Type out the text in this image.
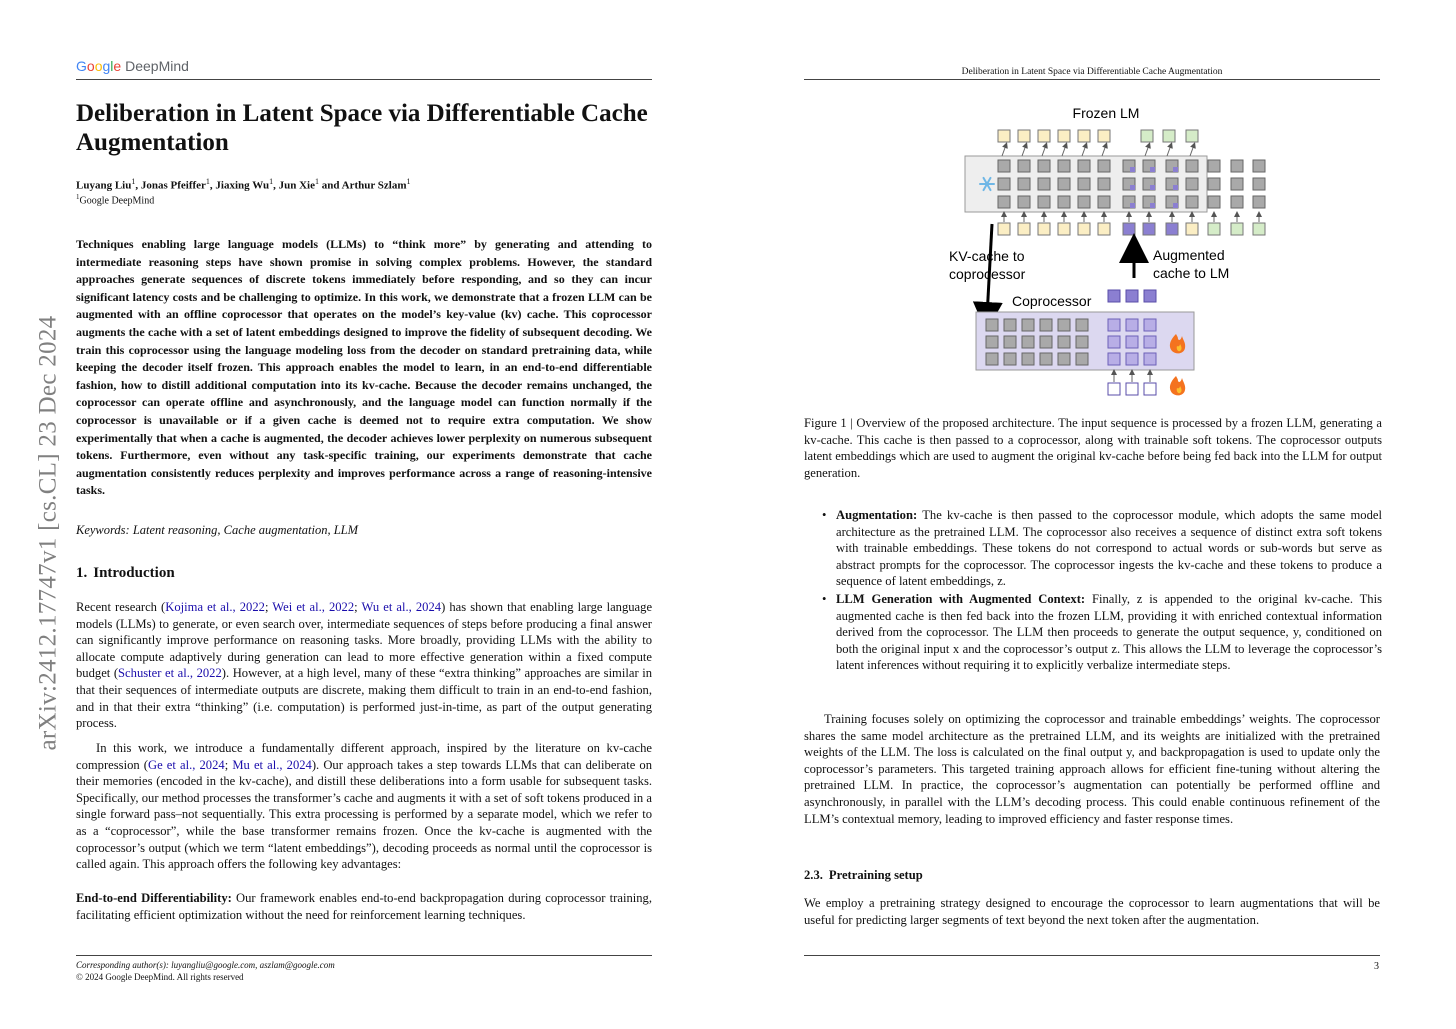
arXiv:2412.17747v1 [cs.CL] 23 Dec 2024
Google DeepMind
Deliberation in Latent Space via Differentiable Cache Augmentation
Luyang Liu$^1$, Jonas Pfeiffer$^1$, Jiaxing Wu$^1$, Jun Xie$^1$ and Arthur Szlam$^1$
$^1$Google DeepMind

Techniques enabling large language models (LLMs) to “think more” by generating and attending to intermediate reasoning steps have shown promise in solving complex problems. However, the standard approaches generate sequences of discrete tokens immediately before responding, and so they can incur significant latency costs and be challenging to optimize. In this work, we demonstrate that a frozen LLM can be augmented with an offline coprocessor that operates on the model’s key-value (kv) cache. This coprocessor augments the cache with a set of latent embeddings designed to improve the fidelity of subsequent decoding. We train this coprocessor using the language modeling loss from the decoder on standard pretraining data, while keeping the decoder itself frozen. This approach enables the model to learn, in an end-to-end differentiable fashion, how to distill additional computation into its kv-cache. Because the decoder remains unchanged, the coprocessor can operate offline and asynchronously, and the language model can function normally if the coprocessor is unavailable or if a given cache is deemed not to require extra computation. We show experimentally that when a cache is augmented, the decoder achieves lower perplexity on numerous subsequent tokens. Furthermore, even without any task-specific training, our experiments demonstrate that cache augmentation consistently reduces perplexity and improves performance across a range of reasoning-intensive tasks.

Keywords: Latent reasoning, Cache augmentation, LLM
1. Introduction

Recent research (Kojima et al., 2022; Wei et al., 2022; Wu et al., 2024) has shown that enabling large language models (LLMs) to generate, or even search over, intermediate sequences of steps before producing a final answer can significantly improve performance on reasoning tasks. More broadly, providing LLMs with the ability to allocate compute adaptively during generation can lead to more effective generation within a fixed compute budget (Schuster et al., 2022). However, at a high level, many of these “extra thinking” approaches are similar in that their sequences of intermediate outputs are discrete, making them difficult to train in an end-to-end fashion, and in that their extra “thinking” (i.e. computation) is performed just-in-time, as part of the output generating process.

In this work, we introduce a fundamentally different approach, inspired by the literature on kv-cache compression (Ge et al., 2024; Mu et al., 2024). Our approach takes a step towards LLMs that can deliberate on their memories (encoded in the kv-cache), and distill these deliberations into a form usable for subsequent tasks. Specifically, our method processes the transformer’s cache and augments it with a set of soft tokens produced in a single forward pass–not sequentially. This extra processing is performed by a separate model, which we refer to as a “coprocessor”, while the base transformer remains frozen. Once the kv-cache is augmented with the coprocessor’s output (which we term “latent embeddings”), decoding proceeds as normal until the coprocessor is called again. This approach offers the following key advantages:

End-to-end Differentiability: Our framework enables end-to-end backpropagation during coprocessor training, facilitating efficient optimization without the need for reinforcement learning techniques.

Corresponding author(s): luyangliu@google.com, aszlam@google.com
© 2024 Google DeepMind. All rights reserved
Deliberation in Latent Space via Differentiable Cache Augmentation
Frozen LM
KV-cache to
coprocessor
Augmented
cache to LM
Coprocessor

Figure 1 | Overview of the proposed architecture. The input sequence is processed by a frozen LLM, generating a kv-cache. This cache is then passed to a coprocessor, along with trainable soft tokens. The coprocessor outputs latent embeddings which are used to augment the original kv-cache before being fed back into the LLM for output generation.

• Augmentation: The kv-cache is then passed to the coprocessor module, which adopts the same model architecture as the pretrained LLM. The coprocessor also receives a sequence of distinct extra soft tokens with trainable embeddings. These tokens do not correspond to actual words or sub-words but serve as abstract prompts for the coprocessor. The coprocessor ingests the kv-cache and these tokens to produce a sequence of latent embeddings, z.
• LLM Generation with Augmented Context: Finally, z is appended to the original kv-cache. This augmented cache is then fed back into the frozen LLM, providing it with enriched contextual information derived from the coprocessor. The LLM then proceeds to generate the output sequence, y, conditioned on both the original input x and the coprocessor’s output z. This allows the LLM to leverage the coprocessor’s latent inferences without requiring it to explicitly verbalize intermediate steps.

Training focuses solely on optimizing the coprocessor and trainable embeddings’ weights. The coprocessor shares the same model architecture as the pretrained LLM, and its weights are initialized with the pretrained weights of the LLM. The loss is calculated on the final output y, and backpropagation is used to update only the coprocessor’s parameters. This targeted training approach allows for efficient fine-tuning without altering the pretrained LLM. In practice, the coprocessor’s augmentation can potentially be performed offline and asynchronously, in parallel with the LLM’s decoding process. This could enable continuous refinement of the LLM’s contextual memory, leading to improved efficiency and faster response times.

2.3. Pretraining setup

We employ a pretraining strategy designed to encourage the coprocessor to learn augmentations that will be useful for predicting larger segments of text beyond the next token after the augmentation.

3
